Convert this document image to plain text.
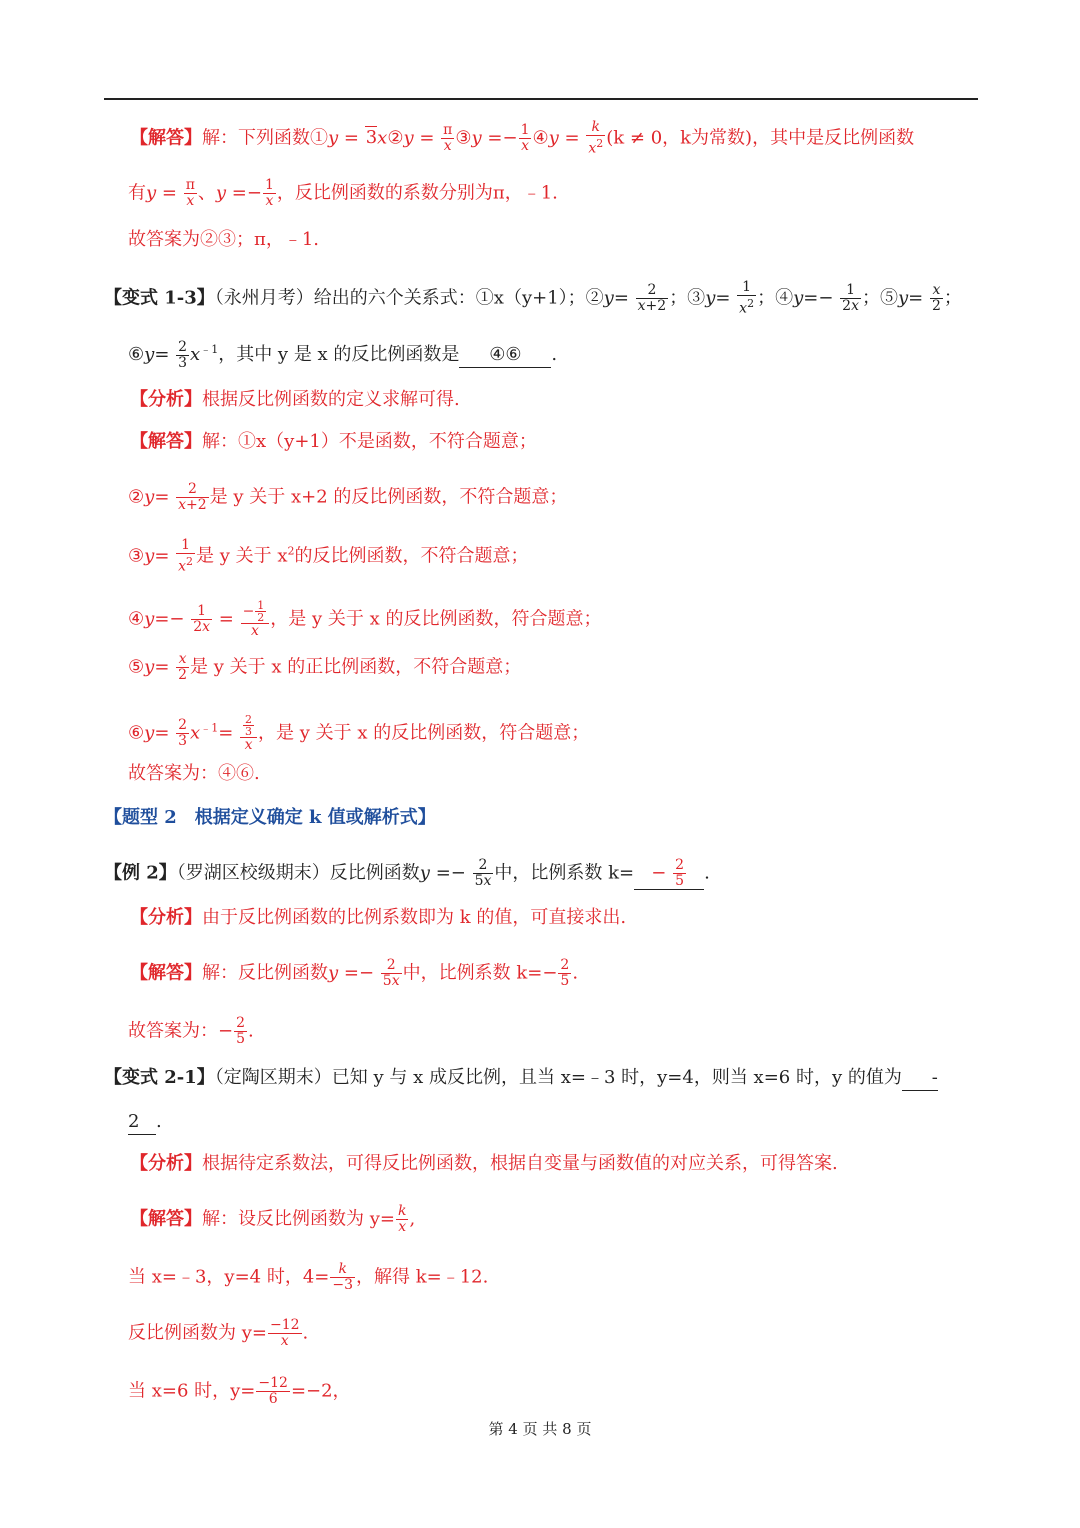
【解答】解：下列函数①y = 3x②y = $\frac{\pi}{x}$ ③y =− $\frac{1}{x}$ ④y = $\frac{k}{x^2} (k \ne 0$，k为常数)，其中是反比例函数
有$y = \frac{\pi}{x}$ 、$y =- \frac{1}{x}$ ，反比例函数的系数分别为π，﹣1.
故答案为②③；π，﹣1.
【变式 1-3】（永州月考）给出的六个关系式：①x（y+1）；②y= $\frac{2}{x+2}$ ；③y= $\frac{1}{x^2}$ ；④y=− $\frac{1}{2x}$ ；⑤y= $\frac{x}{2}$ ；
⑥y= $\frac{2}{3} x^{﹣1}$，其中 y 是 x 的反比例函数是 ④⑥ .
【分析】根据反比例函数的定义求解可得.
【解答】解：①x（y+1）不是函数，不符合题意；
②y= $\frac{2}{x+2}$ 是 y 关于 x+2 的反比例函数，不符合题意；
③y= $\frac{1}{x^2}$ 是 y 关于 $x^2$的反比例函数，不符合题意；
④y=− $\frac{1}{2x} = \frac{- \frac{1}{2}}{x}$ ，是 y 关于 x 的反比例函数，符合题意；
⑤y= $\frac{x}{2}$ 是 y 关于 x 的正比例函数，不符合题意；
⑥y= $\frac{2}{3} x^{﹣1}= \frac{\frac{2}{3}}{x}$ ，是 y 关于 x 的反比例函数，符合题意；
故答案为：④⑥.
【题型 2　根据定义确定 k 值或解析式】
【例 2】（罗湖区校级期末）反比例函数$y =- \frac{2}{5x}$ 中，比例系数 $k= - \frac{2}{5}$ .
【分析】由于反比例函数的比例系数即为 k 的值，可直接求出.
【解答】解：反比例函数$y =- \frac{2}{5x}$ 中，比例系数 $k=- \frac{2}{5}$ .
故答案为：− $\frac{2}{5}$ .
【变式 2-1】（定陶区期末）已知 y 与 x 成反比例，且当 x=﹣3 时，y=4，则当 x=6 时，y 的值为 -
2 .
【分析】根据待定系数法，可得反比例函数，根据自变量与函数值的对应关系，可得答案.
【解答】解：设反比例函数为 $y= \frac{k}{x}$ ,
当 x=﹣3，y=4 时，$4= \frac{k}{-3}$ ，解得 k=﹣12.
反比例函数为 $y= \frac{-12}{x}$ .
当 x=6 时，$y= \frac{-12}{6} =-2$，
第 4 页 共 8 页
